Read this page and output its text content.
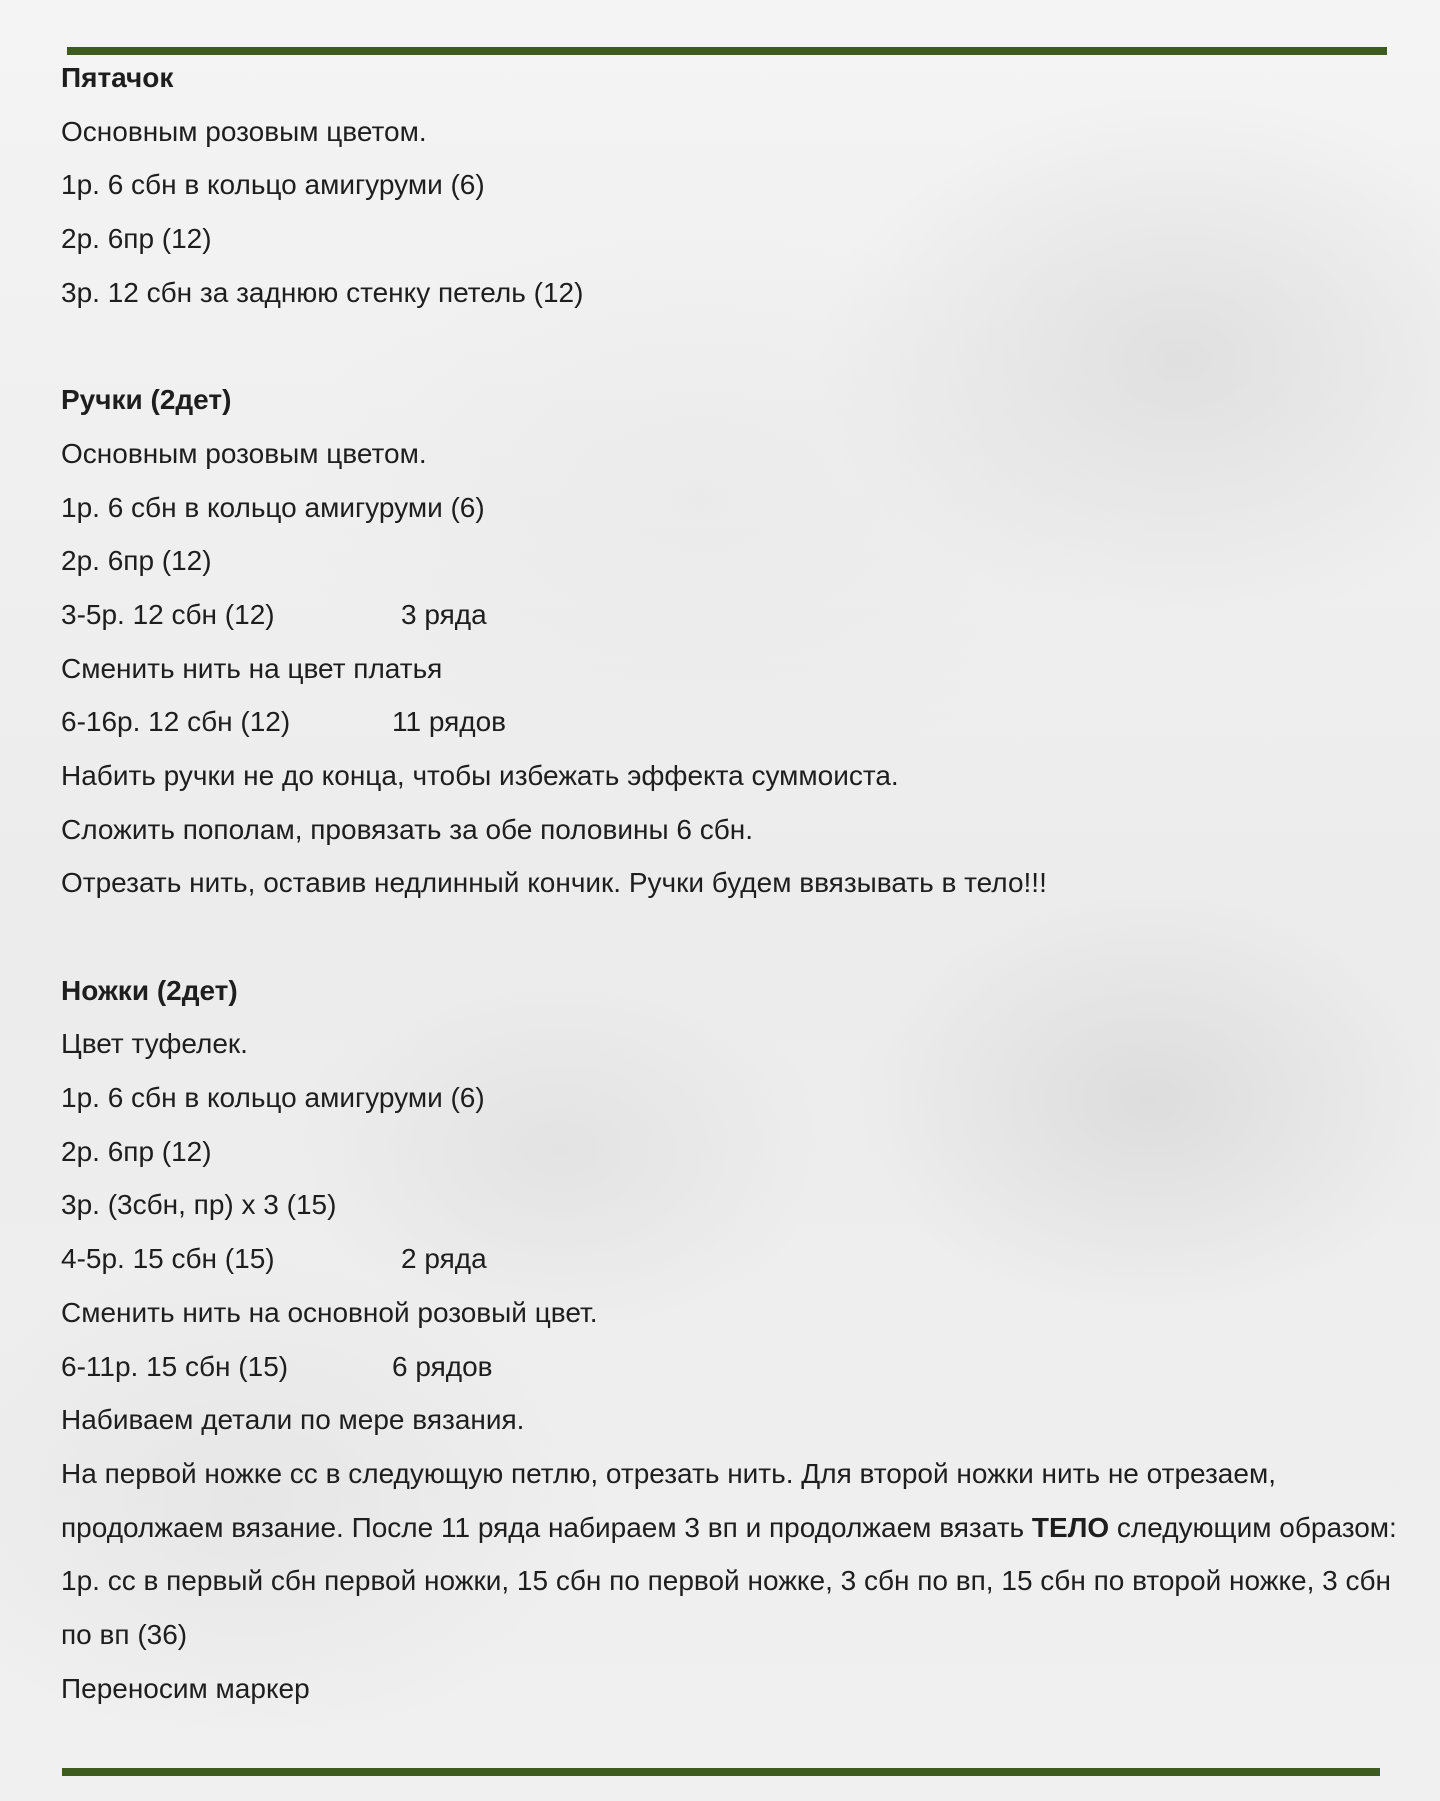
Пятачок
Основным розовым цветом.
1р. 6 сбн в кольцо амигуруми (6)
2р. 6пр (12)
3р. 12 сбн за заднюю стенку петель (12)
Ручки (2дет)
Основным розовым цветом.
1р. 6 сбн в кольцо амигуруми (6)
2р. 6пр (12)
3-5р. 12 сбн (12)	3 ряда
Сменить нить на цвет платья
6-16р. 12 сбн (12)	11 рядов
Набить ручки не до конца, чтобы избежать эффекта суммоиста.
Сложить пополам, провязать за обе половины 6 сбн.
Отрезать нить, оставив недлинный кончик. Ручки будем ввязывать в тело!!!
Ножки (2дет)
Цвет туфелек.
1р. 6 сбн в кольцо амигуруми (6)
2р. 6пр (12)
3р. (3сбн, пр) х 3 (15)
4-5р. 15 сбн (15)	2 ряда
Сменить нить на основной розовый цвет.
6-11р. 15 сбн (15)	6 рядов
Набиваем детали по мере вязания.
На первой ножке сс в следующую петлю, отрезать нить. Для второй ножки нить не отрезаем, продолжаем вязание. После 11 ряда набираем 3 вп и продолжаем вязать ТЕЛО следующим образом:
1р. сс в первый сбн первой ножки, 15 сбн по первой ножке, 3 сбн по вп, 15 сбн по второй ножке, 3 сбн по вп (36)
Переносим маркер
